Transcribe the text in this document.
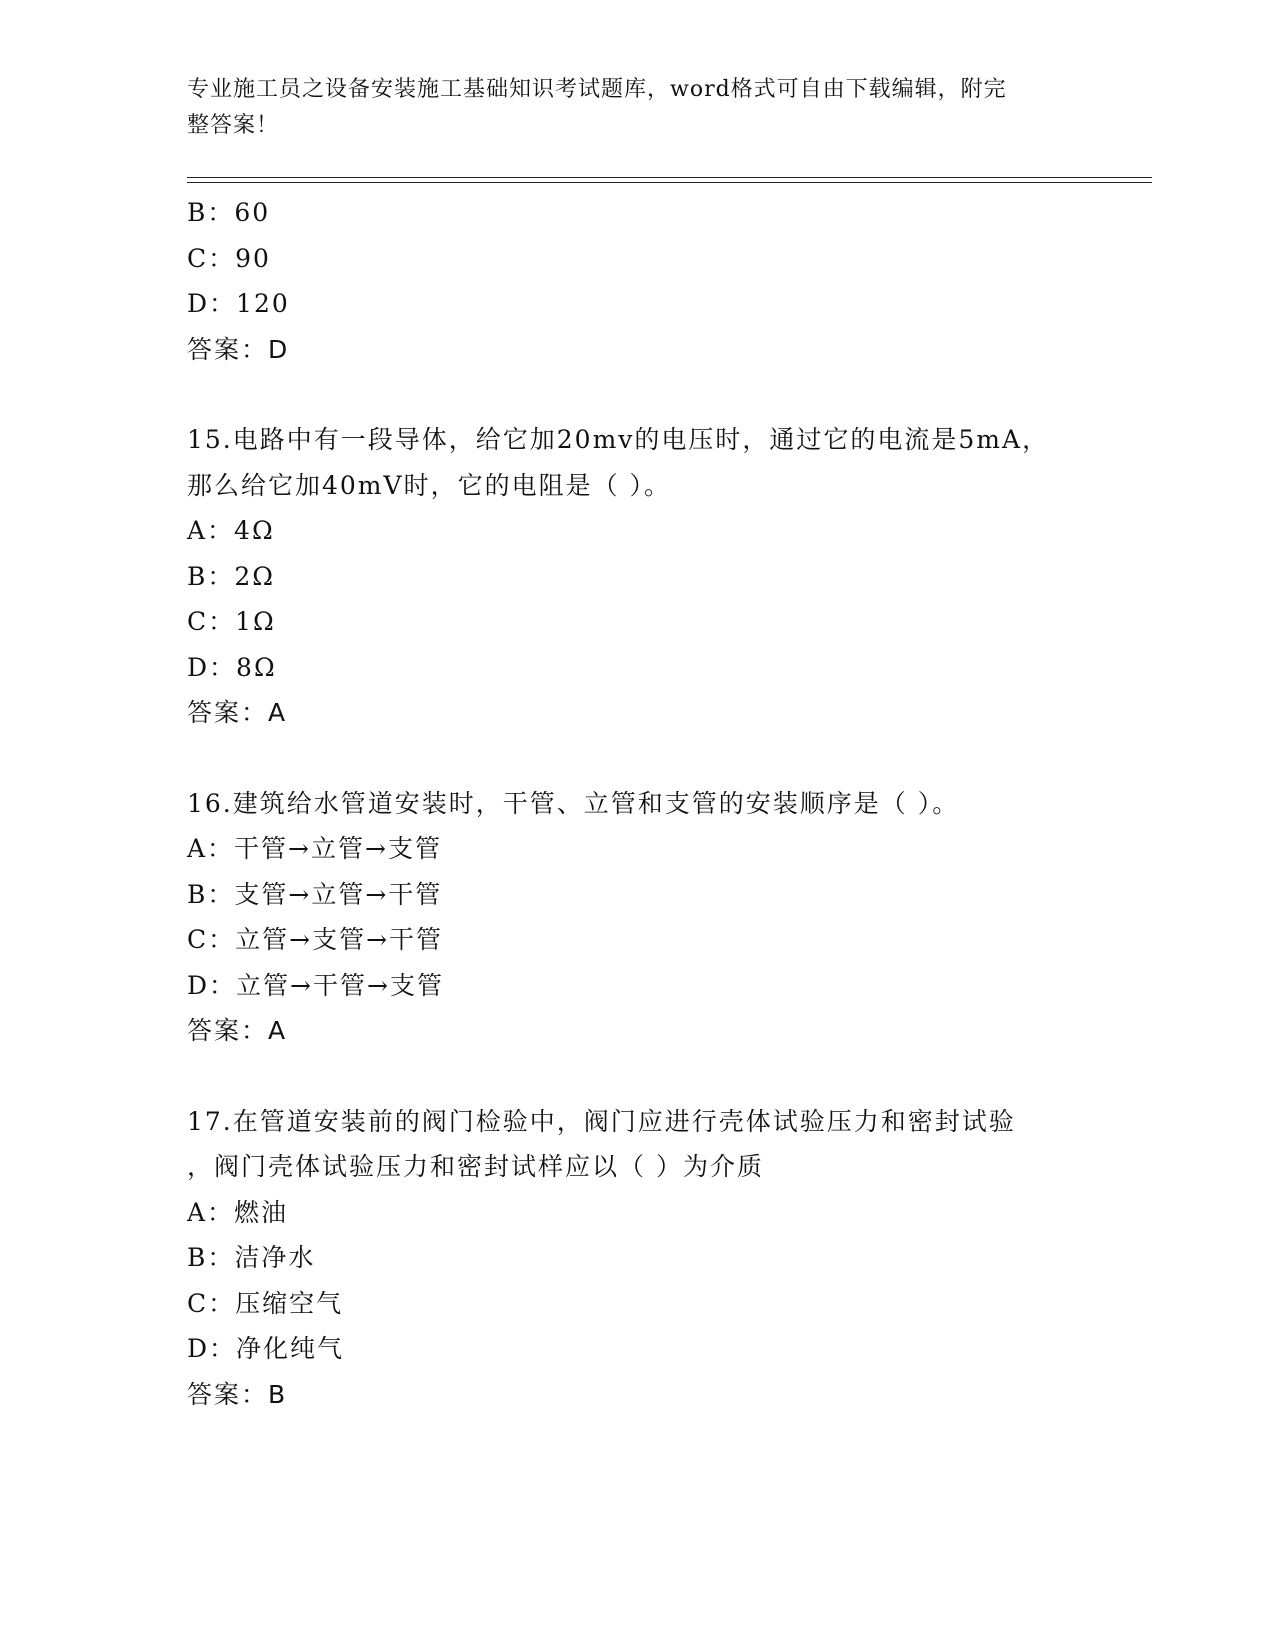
专业施工员之设备安装施工基础知识考试题库，word格式可自由下载编辑，附完
整答案！
B：60
C：90
D：120
答案：D
15.电路中有一段导体，给它加20mv的电压时，通过它的电流是5mA，
那么给它加40mV时，它的电阻是（ ）。
A：4Ω
B：2Ω
C：1Ω
D：8Ω
答案：A
16.建筑给水管道安装时，干管、立管和支管的安装顺序是（ ）。
A：干管→立管→支管
B：支管→立管→干管
C：立管→支管→干管
D：立管→干管→支管
答案：A
17.在管道安装前的阀门检验中，阀门应进行壳体试验压力和密封试验
，阀门壳体试验压力和密封试样应以（ ）为介质
A：燃油
B：洁净水
C：压缩空气
D：净化纯气
答案：B
